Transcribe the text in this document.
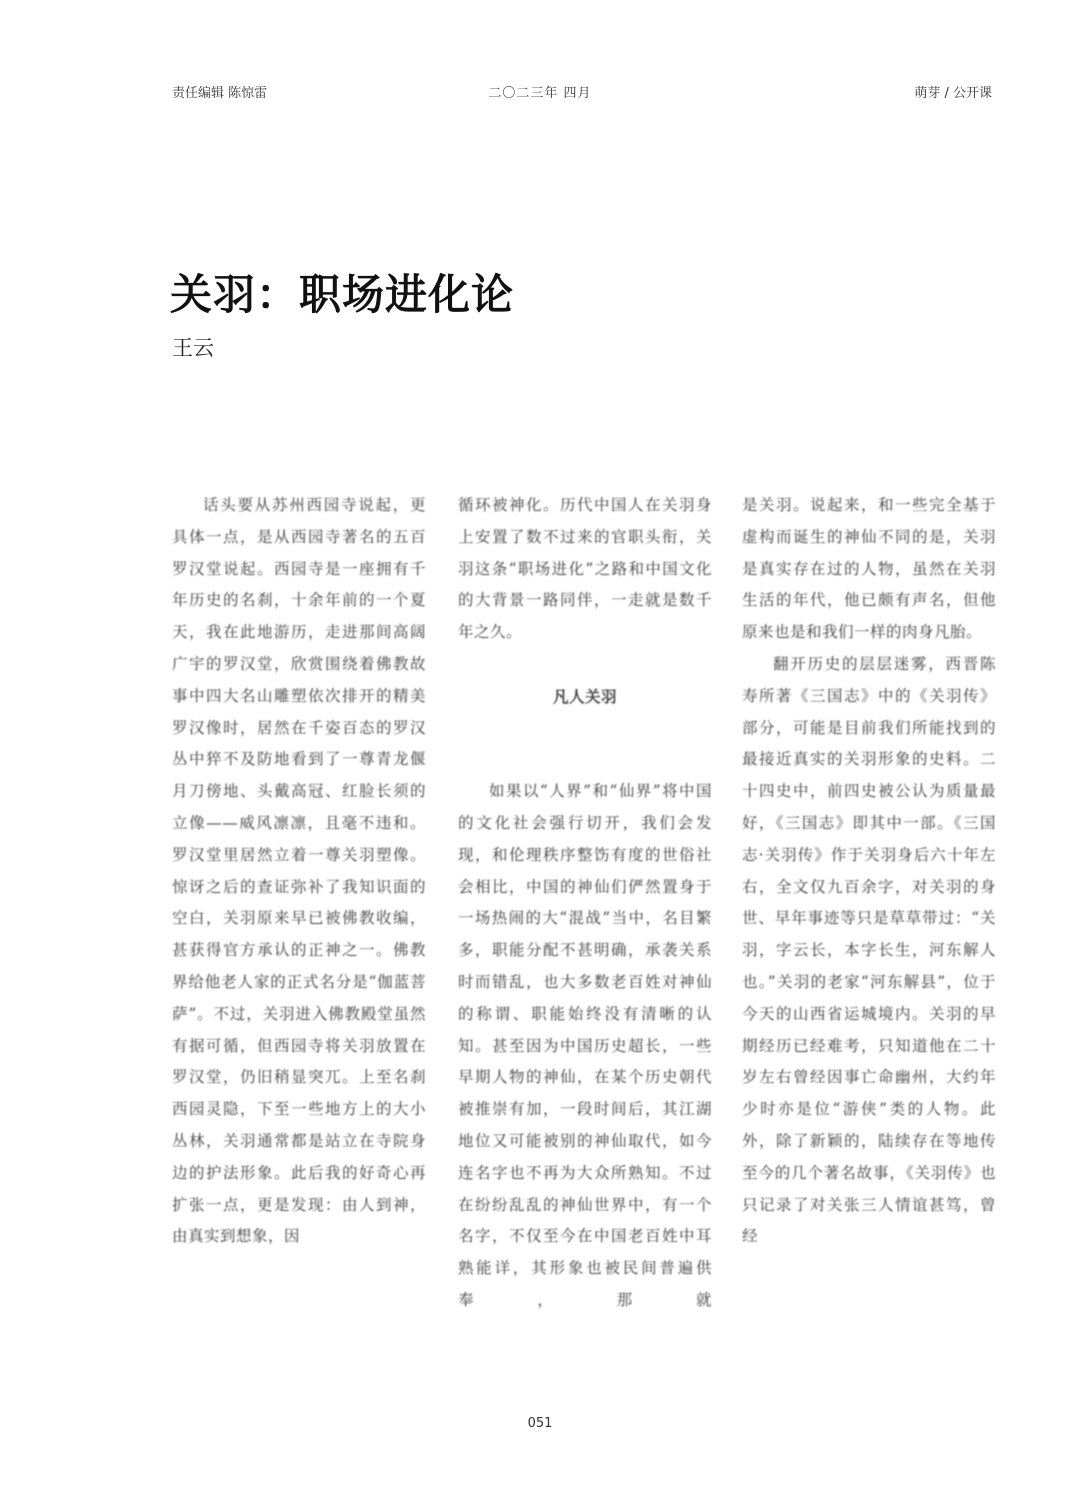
责任编辑 陈惊雷	二〇二三年 四月	萌芽 / 公开课
关羽：职场进化论
王云

话头要从苏州西园寺说起，更具体一点，是从西园寺著名的五百罗汉堂说起。西园寺是一座拥有千年历史的名刹，十余年前的一个夏天，我在此地游历，走进那间高阔广宇的罗汉堂，欣赏围绕着佛教故事中四大名山雕塑依次排开的精美罗汉像时，居然在千姿百态的罗汉丛中猝不及防地看到了一尊青龙偃月刀傍地、头戴高冠、红脸长须的立像——威风凛凛，且毫不违和。罗汉堂里居然立着一尊关羽塑像。惊讶之后的查证弥补了我知识面的空白，关羽原来早已被佛教收编，甚获得官方承认的正神之一。佛教界给他老人家的正式名分是“伽蓝菩萨”。不过，关羽进入佛教殿堂虽然有据可循，但西园寺将关羽放置在罗汉堂，仍旧稍显突兀。上至名刹西园灵隐，下至一些地方上的大小丛林，关羽通常都是站立在寺院身边的护法形象。此后我的好奇心再扩张一点，更是发现：由人到神，由真实到想象，因

循环被神化。历代中国人在关羽身上安置了数不过来的官职头衔，关羽这条“职场进化”之路和中国文化的大背景一路同伴，一走就是数千年之久。

凡人关羽

如果以“人界”和“仙界”将中国的文化社会强行切开，我们会发现，和伦理秩序整饬有度的世俗社会相比，中国的神仙们俨然置身于一场热闹的大“混战”当中，名目繁多，职能分配不甚明确，承袭关系时而错乱，也大多数老百姓对神仙的称谓、职能始终没有清晰的认知。甚至因为中国历史超长，一些早期人物的神仙，在某个历史朝代被推崇有加，一段时间后，其江湖地位又可能被别的神仙取代，如今连名字也不再为大众所熟知。不过在纷纷乱乱的神仙世界中，有一个名字，不仅至今在中国老百姓中耳熟能详，其形象也被民间普遍供奉，那就

是关羽。说起来，和一些完全基于虚构而诞生的神仙不同的是，关羽是真实存在过的人物，虽然在关羽生活的年代，他已颇有声名，但他原来也是和我们一样的肉身凡胎。

翻开历史的层层迷雾，西晋陈寿所著《三国志》中的《关羽传》部分，可能是目前我们所能找到的最接近真实的关羽形象的史料。二十四史中，前四史被公认为质量最好，《三国志》即其中一部。《三国志·关羽传》作于关羽身后六十年左右，全文仅九百余字，对关羽的身世、早年事迹等只是草草带过：“关羽，字云长，本字长生，河东解人也。”关羽的老家“河东解县”，位于今天的山西省运城境内。关羽的早期经历已经难考，只知道他在二十岁左右曾经因事亡命幽州，大约年少时亦是位“游侠”类的人物。此外，除了新颖的，陆续存在等地传至今的几个著名故事，《关羽传》也只记录了对关张三人情谊甚笃，曾经

051
